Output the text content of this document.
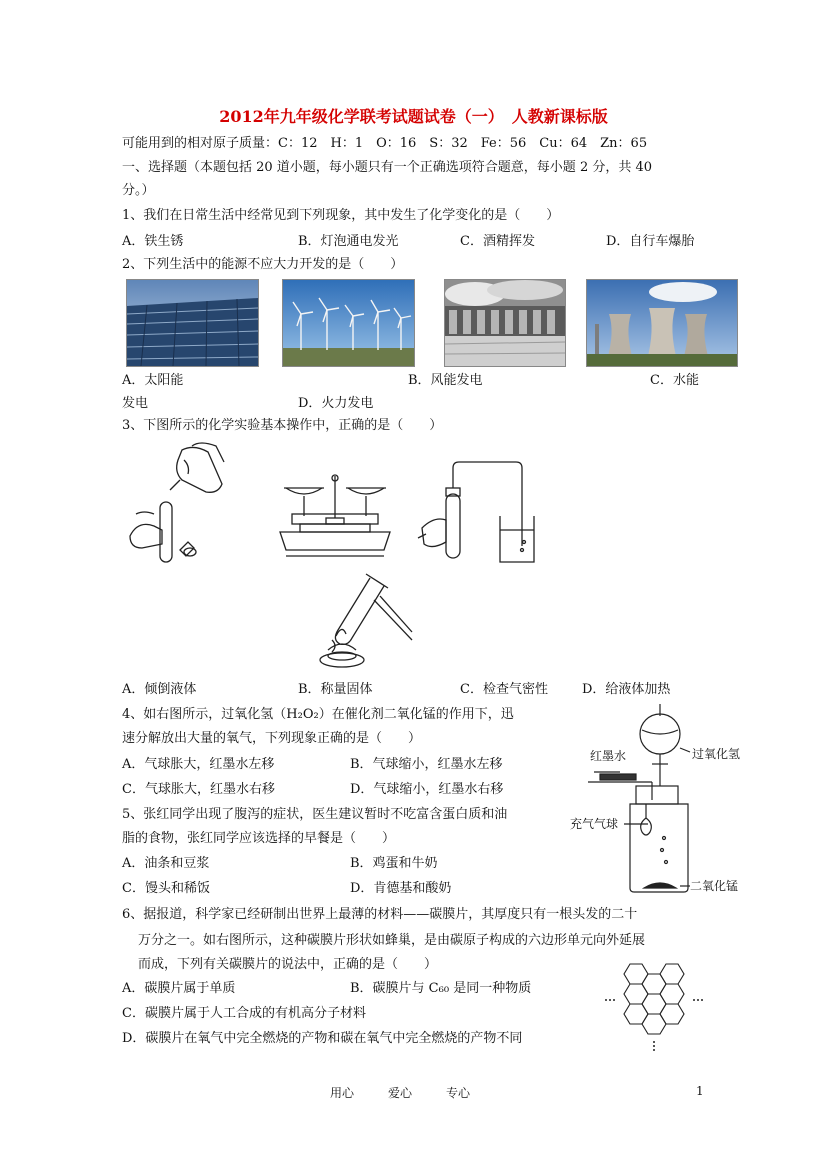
2012年九年级化学联考试题试卷（一）　人教新课标版
可能用到的相对原子质量：C：12　H：1　O：16　S：32　Fe：56　Cu：64　Zn：65
一、选择题（本题包括 20 道小题，每小题只有一个正确选项符合题意，每小题 2 分，共 40
分。）
1、我们在日常生活中经常见到下列现象，其中发生了化学变化的是（　　）
A．铁生锈	B．灯泡通电发光	C．酒精挥发	D．自行车爆胎
2、下列生活中的能源不应大力开发的是（　　）
A．太阳能	B．风能发电	C．水能
发电	D．火力发电
3、下图所示的化学实验基本操作中，正确的是（　　）
A．倾倒液体	B．称量固体	C．检查气密性	D．给液体加热
4、如右图所示，过氧化氢（H₂O₂）在催化剂二氧化锰的作用下，迅
速分解放出大量的氧气，下列现象正确的是（　　）
A．气球胀大，红墨水左移	B．气球缩小，红墨水左移
C．气球胀大，红墨水右移	D．气球缩小，红墨水右移
红墨水	过氧化氢
充气气球
二氧化锰
5、张红同学出现了腹泻的症状，医生建议暂时不吃富含蛋白质和油
脂的食物，张红同学应该选择的早餐是（　　）
A．油条和豆浆	B．鸡蛋和牛奶
C．馒头和稀饭	D．肯德基和酸奶
6、据报道，科学家已经研制出世界上最薄的材料——碳膜片，其厚度只有一根头发的二十
万分之一。如右图所示，这种碳膜片形状如蜂巢，是由碳原子构成的六边形单元向外延展
而成，下列有关碳膜片的说法中，正确的是（　　）
A．碳膜片属于单质	B．碳膜片与 C₆₀ 是同一种物质
C．碳膜片属于人工合成的有机高分子材料
D．碳膜片在氧气中完全燃烧的产物和碳在氧气中完全燃烧的产物不同
用心	爱心	专心	1
